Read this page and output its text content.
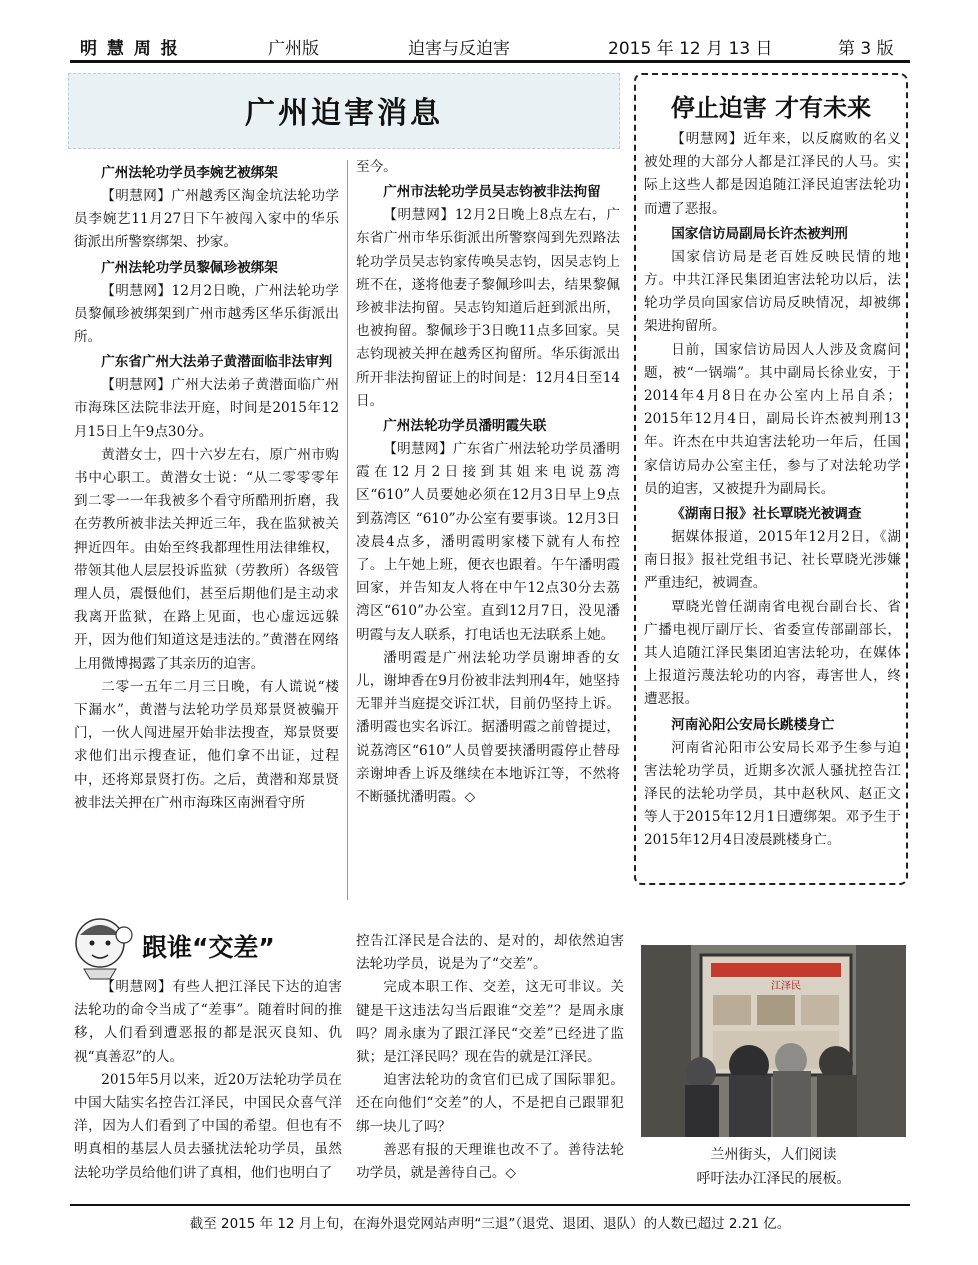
明 慧 周 报	广州版	迫害与反迫害	2015 年 12 月 13 日	第 3 版
广州迫害消息
广州法轮功学员李婉艺被绑架

【明慧网】广州越秀区淘金坑法轮功学员李婉艺11月27日下午被闯入家中的华乐街派出所警察绑架、抄家。

广州法轮功学员黎佩珍被绑架

【明慧网】12月2日晚，广州法轮功学员黎佩珍被绑架到广州市越秀区华乐街派出所。

广东省广州大法弟子黄潜面临非法审判

【明慧网】广州大法弟子黄潜面临广州市海珠区法院非法开庭，时间是2015年12月15日上午9点30分。

黄潜女士，四十六岁左右，原广州市购书中心职工。黄潜女士说：“从二零零零年到二零一一年我被多个看守所酷刑折磨，我在劳教所被非法关押近三年，我在监狱被关押近四年。由始至终我都理性用法律维权，带领其他人层层投诉监狱（劳教所）各级管理人员，震慑他们，甚至后期他们是主动求我离开监狱，在路上见面，也心虚远远躲开，因为他们知道这是违法的。”黄潜在网络上用微博揭露了其亲历的迫害。

二零一五年二月三日晚，有人谎说“楼下漏水”，黄潜与法轮功学员郑景贤被骗开门，一伙人闯进屋开始非法搜查，郑景贤要求他们出示搜查证，他们拿不出证，过程中，还将郑景贤打伤。之后，黄潜和郑景贤被非法关押在广州市海珠区南洲看守所

至今。

广州市法轮功学员吴志钧被非法拘留

【明慧网】12月2日晚上8点左右，广东省广州市华乐街派出所警察闯到先烈路法轮功学员吴志钧家传唤吴志钧，因吴志钧上班不在，遂将他妻子黎佩珍叫去，结果黎佩珍被非法拘留。吴志钧知道后赶到派出所，也被拘留。黎佩珍于3日晚11点多回家。吴志钧现被关押在越秀区拘留所。华乐街派出所开非法拘留证上的时间是：12月4日至14日。

广州法轮功学员潘明霞失联

【明慧网】广东省广州法轮功学员潘明霞在12月2日接到其姐来电说荔湾区“610”人员要她必须在12月3日早上9点到荔湾区 “610”办公室有要事谈。12月3日凌晨4点多，潘明霞明家楼下就有人布控了。上午她上班，便衣也跟着。午午潘明霞回家，并告知友人将在中午12点30分去荔湾区“610”办公室。直到12月7日，没见潘明霞与友人联系，打电话也无法联系上她。

潘明霞是广州法轮功学员谢坤香的女儿，谢坤香在9月份被非法判刑4年，她坚持无罪并当庭提交诉江状，目前仍坚持上诉。潘明霞也实名诉江。据潘明霞之前曾提过，说荔湾区“610”人员曾要挟潘明霞停止替母亲谢坤香上诉及继续在本地诉江等，不然将不断骚扰潘明霞。◇

停止迫害 才有未来

【明慧网】近年来，以反腐败的名义被处理的大部分人都是江泽民的人马。实际上这些人都是因追随江泽民迫害法轮功而遭了恶报。

国家信访局副局长许杰被判刑

国家信访局是老百姓反映民情的地方。中共江泽民集团迫害法轮功以后，法轮功学员向国家信访局反映情况，却被绑架进拘留所。

日前，国家信访局因人人涉及贪腐问题，被“一锅端”。其中副局长徐业安，于2014年4月8日在办公室内上吊自杀；2015年12月4日，副局长许杰被判刑13年。许杰在中共迫害法轮功一年后，任国家信访局办公室主任，参与了对法轮功学员的迫害，又被提升为副局长。

《湖南日报》社长覃晓光被调查

据媒体报道，2015年12月2日，《湖南日报》报社党组书记、社长覃晓光涉嫌严重违纪，被调查。

覃晓光曾任湖南省电视台副台长、省广播电视厅副厅长、省委宣传部副部长，其人追随江泽民集团迫害法轮功，在媒体上报道污蔑法轮功的内容，毒害世人，终遭恶报。

河南沁阳公安局长跳楼身亡

河南省沁阳市公安局长邓予生参与迫害法轮功学员，近期多次派人骚扰控告江泽民的法轮功学员，其中赵秋风、赵正文等人于2015年12月1日遭绑架。邓予生于2015年12月4日凌晨跳楼身亡。

跟谁“交差”

【明慧网】有些人把江泽民下达的迫害法轮功的命令当成了“差事”。随着时间的推移，人们看到遭恶报的都是泯灭良知、仇视“真善忍”的人。

2015年5月以来，近20万法轮功学员在中国大陆实名控告江泽民，中国民众喜气洋洋，因为人们看到了中国的希望。但也有不明真相的基层人员去骚扰法轮功学员，虽然法轮功学员给他们讲了真相，他们也明白了

控告江泽民是合法的、是对的，却依然迫害法轮功学员，说是为了“交差”。

完成本职工作、交差，这无可非议。关键是干这违法勾当后跟谁“交差”？是周永康吗？周永康为了跟江泽民“交差”已经进了监狱；是江泽民吗？现在告的就是江泽民。

迫害法轮功的贪官们已成了国际罪犯。还在向他们“交差”的人，不是把自己跟罪犯绑一块儿了吗？

善恶有报的天理谁也改不了。善待法轮功学员，就是善待自己。◇

江泽民
兰州街头，人们阅读
呼吁法办江泽民的展板。
截至 2015 年 12 月上旬，在海外退党网站声明“三退”（退党、退团、退队）的人数已超过 2.21 亿。
